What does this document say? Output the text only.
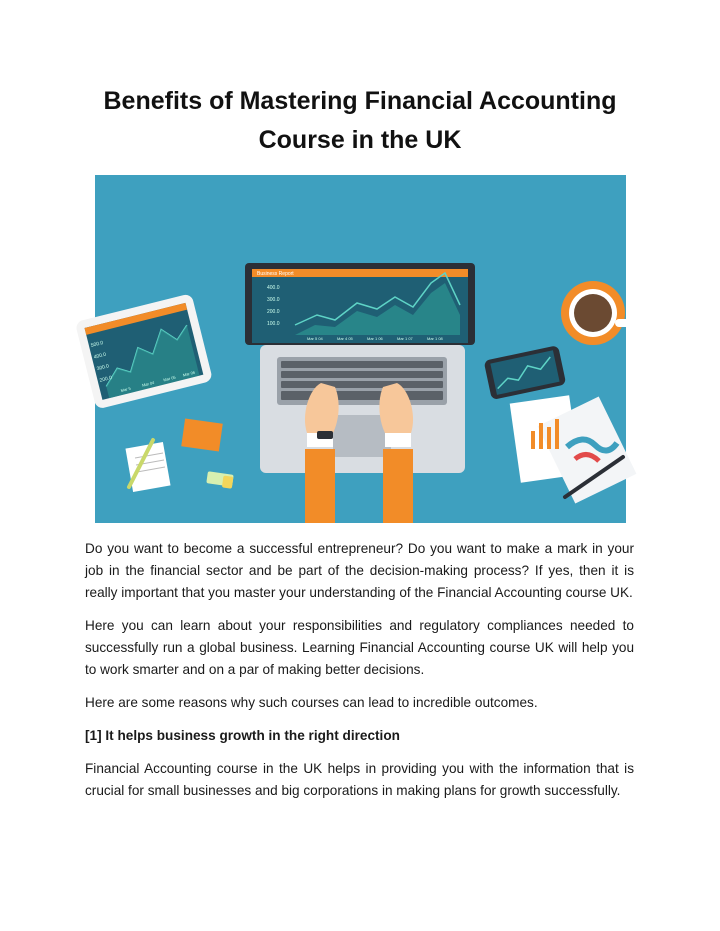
Benefits of Mastering Financial Accounting
Course in the UK
500.0
400.0
300.0
200.0
Mar 5
Mar 04
Mar 05
Mar 06
Business Report
400.0
300.0
200.0
100.0
Mar 5 04	Mar 4 05	Mar 1 06	Mar 1 07	Mar 1 08

Do you want to become a successful entrepreneur? Do you want to make a mark in your job in the financial sector and be part of the decision-making process? If yes, then it is really important that you master your understanding of the Financial Accounting course UK.

Here you can learn about your responsibilities and regulatory compliances needed to successfully run a global business. Learning Financial Accounting course UK will help you to work smarter and on a par of making better decisions.

Here are some reasons why such courses can lead to incredible outcomes.

[1] It helps business growth in the right direction

Financial Accounting course in the UK helps in providing you with the information that is crucial for small businesses and big corporations in making plans for growth successfully.
